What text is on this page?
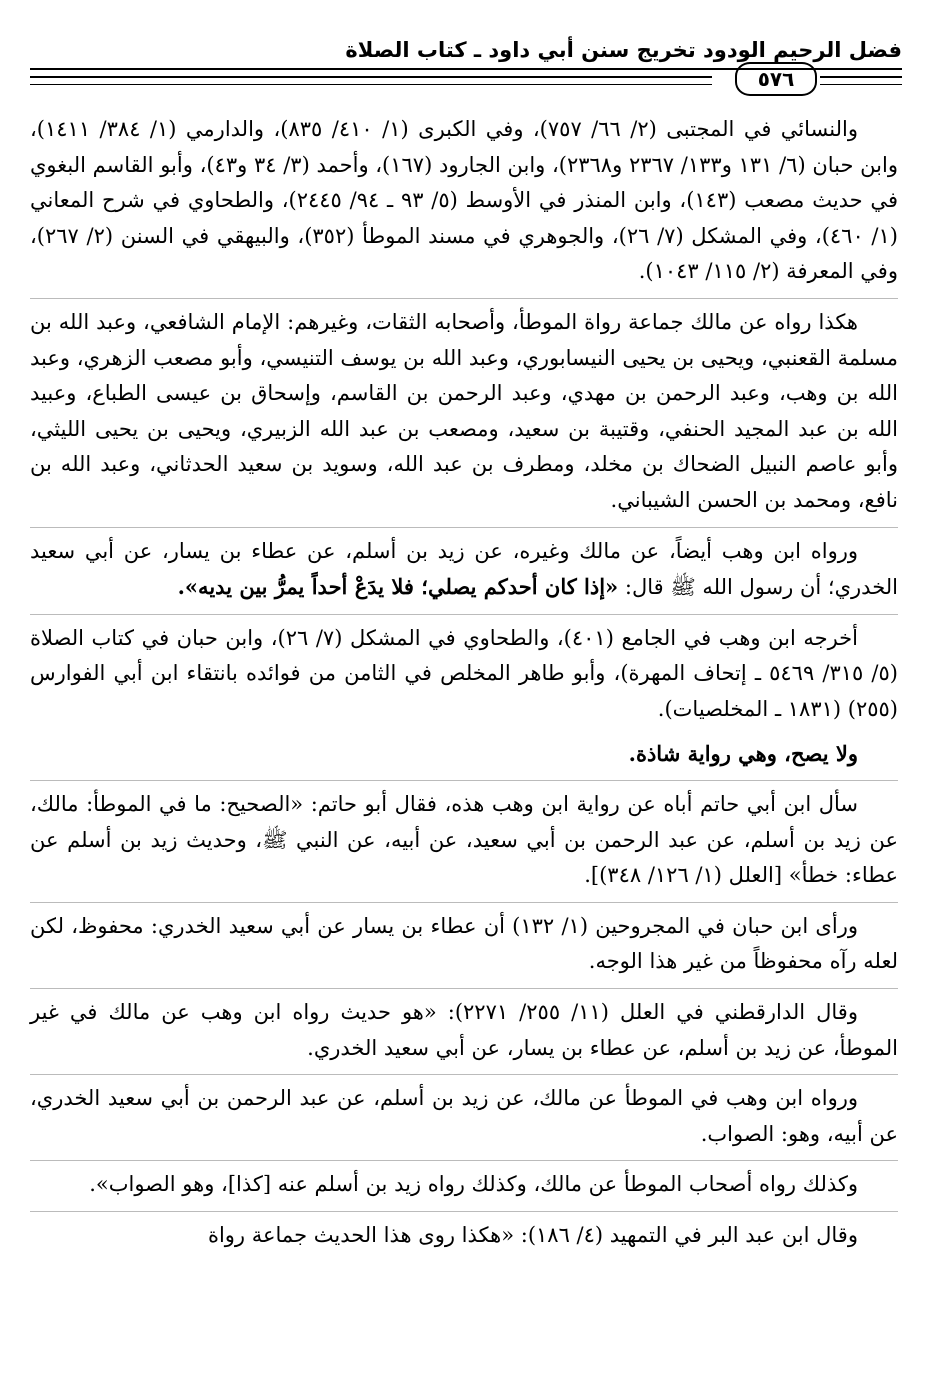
فضل الرحيم الودود تخريج سنن أبي داود ـ كتاب الصلاة
٥٧٦

والنسائي في المجتبى (٢/ ٦٦/ ٧٥٧)، وفي الكبرى (١/ ٤١٠/ ٨٣٥)، والدارمي (١/ ٣٨٤/ ١٤١١)، وابن حبان (٦/ ١٣١ و١٣٣/ ٢٣٦٧ و٢٣٦٨)، وابن الجارود (١٦٧)، وأحمد (٣/ ٣٤ و٤٣)، وأبو القاسم البغوي في حديث مصعب (١٤٣)، وابن المنذر في الأوسط (٥/ ٩٣ ـ ٩٤/ ٢٤٤٥)، والطحاوي في شرح المعاني (١/ ٤٦٠)، وفي المشكل (٧/ ٢٦)، والجوهري في مسند الموطأ (٣٥٢)، والبيهقي في السنن (٢/ ٢٦٧)، وفي المعرفة (٢/ ١١٥/ ١٠٤٣).

هكذا رواه عن مالك جماعة رواة الموطأ، وأصحابه الثقات، وغيرهم: الإمام الشافعي، وعبد الله بن مسلمة القعنبي، ويحيى بن يحيى النيسابوري، وعبد الله بن يوسف التنيسي، وأبو مصعب الزهري، وعبد الله بن وهب، وعبد الرحمن بن مهدي، وعبد الرحمن بن القاسم، وإسحاق بن عيسى الطباع، وعبيد الله بن عبد المجيد الحنفي، وقتيبة بن سعيد، ومصعب بن عبد الله الزبيري، ويحيى بن يحيى الليثي، وأبو عاصم النبيل الضحاك بن مخلد، ومطرف بن عبد الله، وسويد بن سعيد الحدثاني، وعبد الله بن نافع، ومحمد بن الحسن الشيباني.

ورواه ابن وهب أيضاً، عن مالك وغيره، عن زيد بن أسلم، عن عطاء بن يسار، عن أبي سعيد الخدري؛ أن رسول الله ﷺ قال: «إذا كان أحدكم يصلي؛ فلا يدَعْ أحداً يمرُّ بين يديه».

أخرجه ابن وهب في الجامع (٤٠١)، والطحاوي في المشكل (٧/ ٢٦)، وابن حبان في كتاب الصلاة (٥/ ٣١٥/ ٥٤٦٩ ـ إتحاف المهرة)، وأبو طاهر المخلص في الثامن من فوائده بانتقاء ابن أبي الفوارس (٢٥٥) (١٨٣١ ـ المخلصيات).

ولا يصح، وهي رواية شاذة.

سأل ابن أبي حاتم أباه عن رواية ابن وهب هذه، فقال أبو حاتم: «الصحيح: ما في الموطأ: مالك، عن زيد بن أسلم، عن عبد الرحمن بن أبي سعيد، عن أبيه، عن النبي ﷺ، وحديث زيد بن أسلم عن عطاء: خطأ» [العلل (١/ ١٢٦/ ٣٤٨)].

ورأى ابن حبان في المجروحين (١/ ١٣٢) أن عطاء بن يسار عن أبي سعيد الخدري: محفوظ، لكن لعله رآه محفوظاً من غير هذا الوجه.

وقال الدارقطني في العلل (١١/ ٢٥٥/ ٢٢٧١): «هو حديث رواه ابن وهب عن مالك في غير الموطأ، عن زيد بن أسلم، عن عطاء بن يسار، عن أبي سعيد الخدري.

ورواه ابن وهب في الموطأ عن مالك، عن زيد بن أسلم، عن عبد الرحمن بن أبي سعيد الخدري، عن أبيه، وهو: الصواب.

وكذلك رواه أصحاب الموطأ عن مالك، وكذلك رواه زيد بن أسلم عنه [كذا]، وهو الصواب».

وقال ابن عبد البر في التمهيد (٤/ ١٨٦): «هكذا روى هذا الحديث جماعة رواة
